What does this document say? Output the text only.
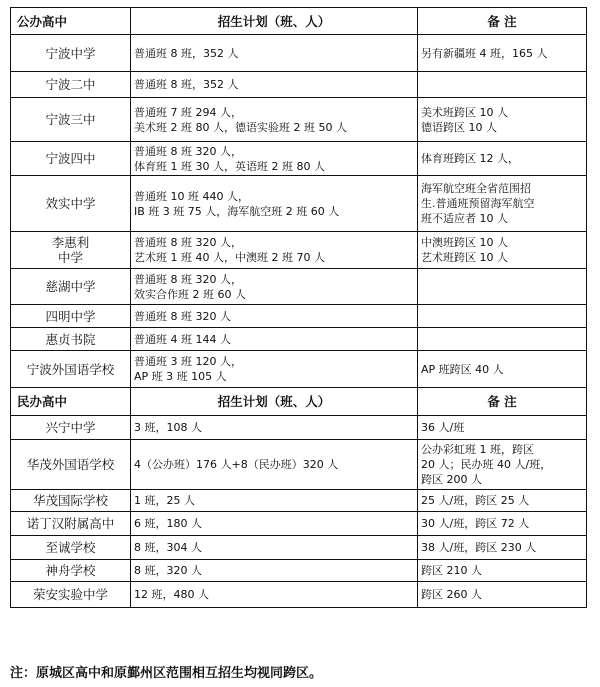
公办高中	招生计划（班、人）	备 注

宁波中学	普通班 8 班，352 人	另有新疆班 4 班，165 人

宁波二中	普通班 8 班，352 人	

宁波三中	普通班 7 班 294 人，
美术班 2 班 80 人，德语实验班 2 班 50 人	美术班跨区 10 人
德语跨区 10 人

宁波四中	普通班 8 班 320 人，
体育班 1 班 30 人，英语班 2 班 80 人	体育班跨区 12 人，

效实中学	普通班 10 班 440 人，
IB 班 3 班 75 人，海军航空班 2 班 60 人	海军航空班全省范围招
生.普通班预留海军航空
班不适应者 10 人

李惠利
中学	普通班 8 班 320 人，
艺术班 1 班 40 人，中澳班 2 班 70 人	中澳班跨区 10 人
艺术班跨区 10 人

慈湖中学	普通班 8 班 320 人，
效实合作班 2 班 60 人	

四明中学	普通班 8 班 320 人	

惠贞书院	普通班 4 班 144 人	

宁波外国语学校	普通班 3 班 120 人，
AP 班 3 班 105 人	AP 班跨区 40 人

民办高中	招生计划（班、人）	备 注

兴宁中学	3 班，108 人	36 人/班

华茂外国语学校	4（公办班）176 人+8（民办班）320 人	公办彩虹班 1 班，跨区
20 人；民办班 40 人/班，
跨区 200 人

华茂国际学校	1 班，25 人	25 人/班，跨区 25 人

诺丁汉附属高中	6 班，180 人	30 人/班，跨区 72 人

至诚学校	8 班，304 人	38 人/班，跨区 230 人

神舟学校	8 班，320 人	跨区 210 人

荣安实验中学	12 班，480 人	跨区 260 人
注：原城区高中和原鄞州区范围相互招生均视同跨区。
